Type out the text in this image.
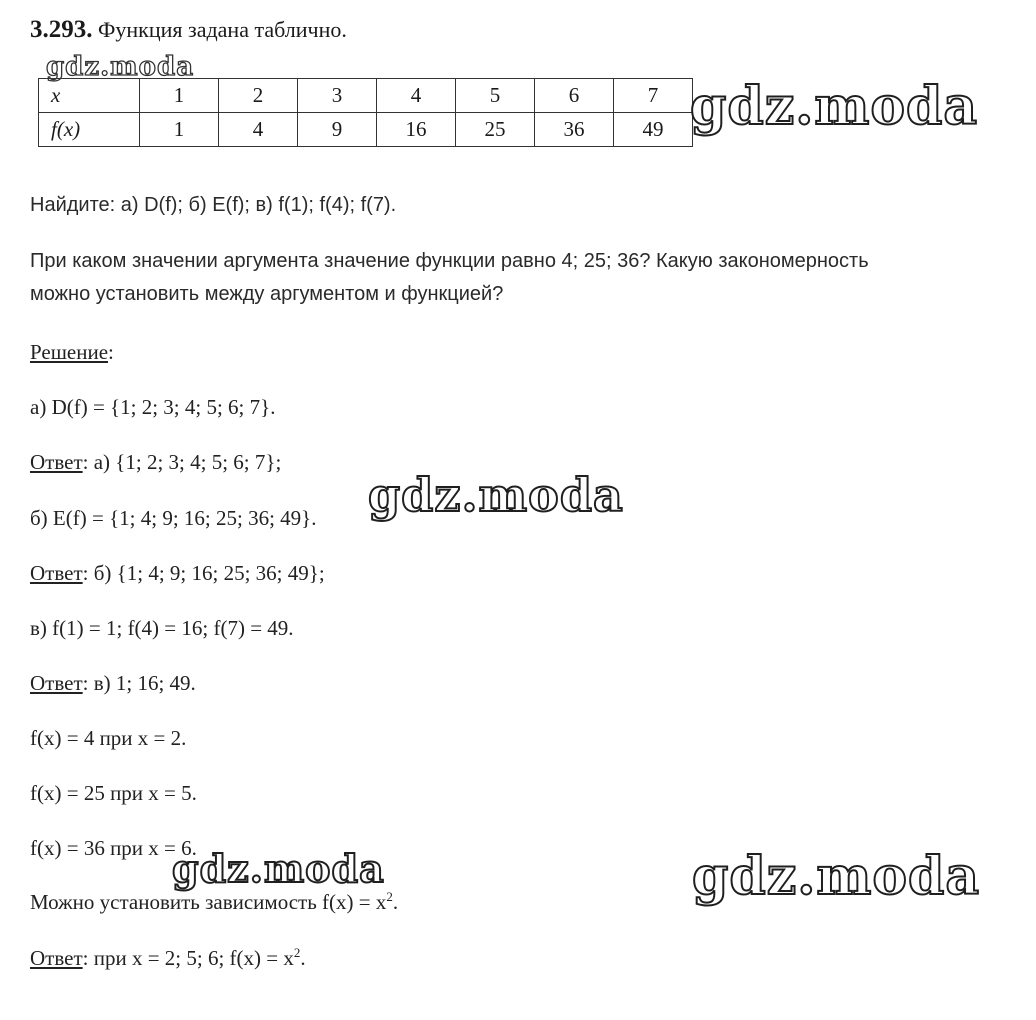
3.293. Функция задана таблично.
gdz.moda
x	1	2	3	4	5	6	7
f(x)	1	4	9	16	25	36	49 gdz.moda
Найдите: а) D(f); б) E(f); в) f(1); f(4); f(7).
При каком значении аргумента значение функции равно 4; 25; 36? Какую закономерность
можно установить между аргументом и функцией?
Решение:
а) D(f) = {1; 2; 3; 4; 5; 6; 7}.
Ответ: а) {1; 2; 3; 4; 5; 6; 7};
б) E(f) = {1; 4; 9; 16; 25; 36; 49}. gdz.moda
Ответ: б) {1; 4; 9; 16; 25; 36; 49};
в) f(1) = 1; f(4) = 16; f(7) = 49.
Ответ: в) 1; 16; 49.
f(x) = 4 при x = 2.
f(x) = 25 при x = 5.
f(x) = 36 при x = 6.
gdz.moda	gdz.moda
Можно установить зависимость $f(x) = x^2$.
Ответ: при x = 2; 5; 6; $f(x) = x^2$.
